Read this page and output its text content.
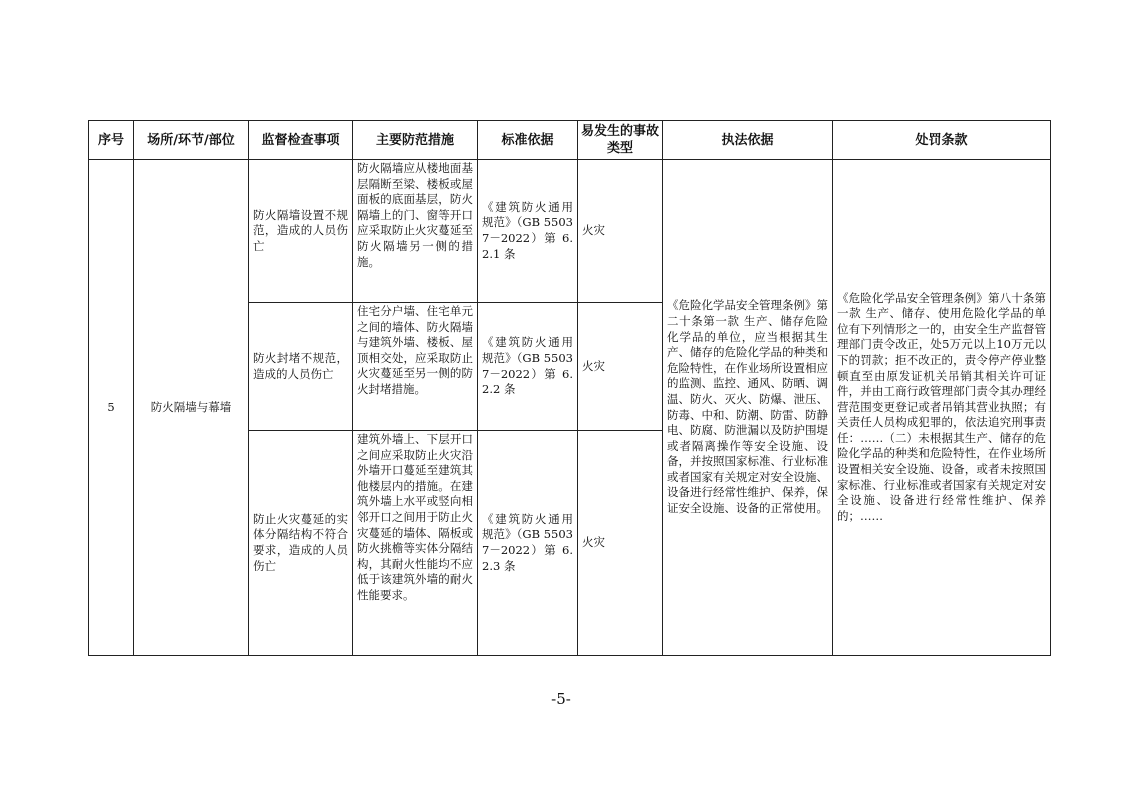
序号	场所/环节/部位	监督检查事项	主要防范措施	标准依据	易发生的事故类型	执法依据	处罚条款
5	防火隔墙与幕墙	防火隔墙设置不规范，造成的人员伤亡	防火隔墙应从楼地面基层隔断至梁、楼板或屋面板的底面基层，防火隔墙上的门、窗等开口应采取防止火灾蔓延至防火隔墙另一侧的措施。	《建筑防火通用规范》（GB 55037－2022）第 6.2.1 条	火灾	《危险化学品安全管理条例》第二十条第一款 生产、储存危险化学品的单位，应当根据其生产、储存的危险化学品的种类和危险特性，在作业场所设置相应的监测、监控、通风、防晒、调温、防火、灭火、防爆、泄压、防毒、中和、防潮、防雷、防静电、防腐、防泄漏以及防护围堤或者隔离操作等安全设施、设备，并按照国家标准、行业标准或者国家有关规定对安全设施、设备进行经常性维护、保养，保证安全设施、设备的正常使用。	《危险化学品安全管理条例》第八十条第一款 生产、储存、使用危险化学品的单位有下列情形之一的，由安全生产监督管理部门责令改正，处5万元以上10万元以下的罚款；拒不改正的，责令停产停业整顿直至由原发证机关吊销其相关许可证件，并由工商行政管理部门责令其办理经营范围变更登记或者吊销其营业执照；有关责任人员构成犯罪的，依法追究刑事责任：……（二）未根据其生产、储存的危险化学品的种类和危险特性，在作业场所设置相关安全设施、设备，或者未按照国家标准、行业标准或者国家有关规定对安全设施、设备进行经常性维护、保养的；……
		防火封堵不规范，造成的人员伤亡	住宅分户墙、住宅单元之间的墙体、防火隔墙与建筑外墙、楼板、屋顶相交处，应采取防止火灾蔓延至另一侧的防火封堵措施。	《建筑防火通用规范》（GB 55037－2022）第 6.2.2 条	火灾		
		防止火灾蔓延的实体分隔结构不符合要求，造成的人员伤亡	建筑外墙上、下层开口之间应采取防止火灾沿外墙开口蔓延至建筑其他楼层内的措施。在建筑外墙上水平或竖向相邻开口之间用于防止火灾蔓延的墙体、隔板或防火挑檐等实体分隔结构，其耐火性能均不应低于该建筑外墙的耐火性能要求。	《建筑防火通用规范》（GB 55037－2022）第 6.2.3 条	火灾		
-5-
